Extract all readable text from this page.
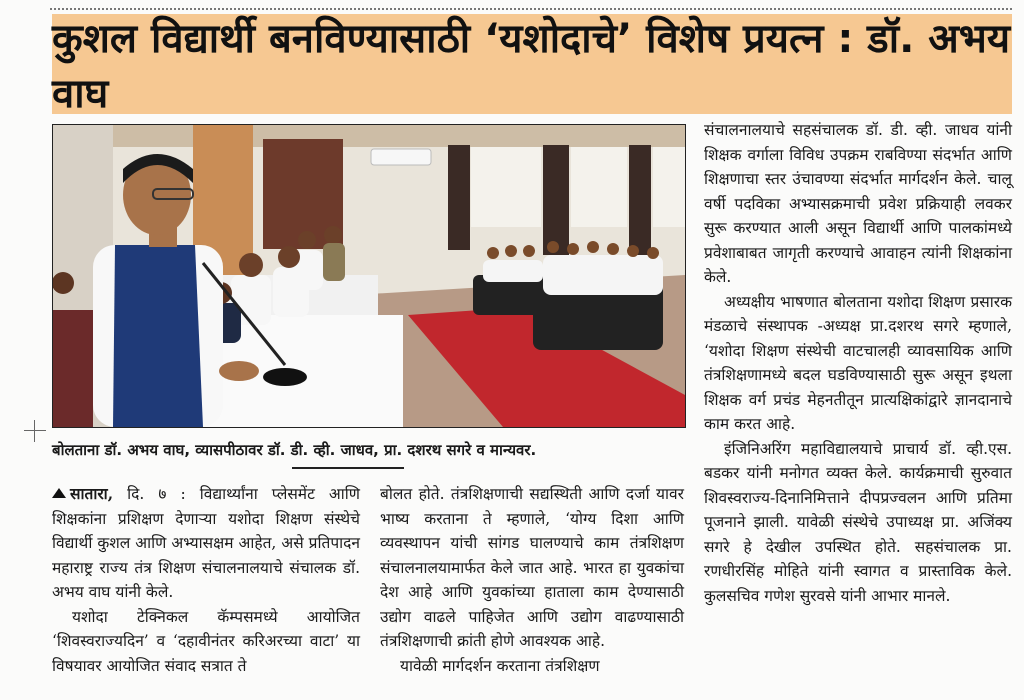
कुशल विद्यार्थी बनविण्यासाठी ‘यशोदाचे’ विशेष प्रयत्न : डॉ. अभय वाघ
बोलताना डॉ. अभय वाघ, व्यासपीठावर डॉ. डी. व्ही. जाधव, प्रा. दशरथ सगरे व मान्यवर.

सातारा, दि. ७ : विद्यार्थ्यांना प्लेसमेंट आणि शिक्षकांना प्रशिक्षण देणाऱ्या यशोदा शिक्षण संस्थेचे विद्यार्थी कुशल आणि अभ्यासक्षम आहेत, असे प्रतिपादन महाराष्ट्र राज्य तंत्र शिक्षण संचालनालयाचे संचालक डॉ. अभय वाघ यांनी केले.

यशोदा टेक्निकल कॅम्पसमध्ये आयोजित ‘शिवस्वराज्यदिन’ व ‘दहावीनंतर करिअरच्या वाटा’ या विषयावर आयोजित संवाद सत्रात ते

बोलत होते. तंत्रशिक्षणाची सद्यस्थिती आणि दर्जा यावर भाष्य करताना ते म्हणाले, ‘योग्य दिशा आणि व्यवस्थापन यांची सांगड घालण्याचे काम तंत्रशिक्षण संचालनालयामार्फत केले जात आहे. भारत हा युवकांचा देश आहे आणि युवकांच्या हाताला काम देण्यासाठी उद्योग वाढले पाहिजेत आणि उद्योग वाढण्यासाठी तंत्रशिक्षणाची क्रांती होणे आवश्यक आहे.

यावेळी मार्गदर्शन करताना तंत्रशिक्षण

संचालनालयाचे सहसंचालक डॉ. डी. व्ही. जाधव यांनी शिक्षक वर्गाला विविध उपक्रम राबविण्या संदर्भात आणि शिक्षणाचा स्तर उंचावण्या संदर्भात मार्गदर्शन केले. चालू वर्षी पदविका अभ्यासक्रमाची प्रवेश प्रक्रियाही लवकर सुरू करण्यात आली असून विद्यार्थी आणि पालकांमध्ये प्रवेशाबाबत जागृती करण्याचे आवाहन त्यांनी शिक्षकांना केले.

अध्यक्षीय भाषणात बोलताना यशोदा शिक्षण प्रसारक मंडळाचे संस्थापक -अध्यक्ष प्रा.दशरथ सगरे म्हणाले, ‘यशोदा शिक्षण संस्थेची वाटचालही व्यावसायिक आणि तंत्रशिक्षणामध्ये बदल घडविण्यासाठी सुरू असून इथला शिक्षक वर्ग प्रचंड मेहनतीतून प्रात्यक्षिकांद्वारे ज्ञानदानाचे काम करत आहे.

इंजिनिअरिंग महाविद्यालयाचे प्राचार्य डॉ. व्ही.एस. बडकर यांनी मनोगत व्यक्त केले. कार्यक्रमाची सुरुवात शिवस्वराज्य-दिनानिमित्ताने दीपप्रज्वलन आणि प्रतिमा पूजनाने झाली. यावेळी संस्थेचे उपाध्यक्ष प्रा. अजिंक्य सगरे हे देखील उपस्थित होते. सहसंचालक प्रा. रणधीरसिंह मोहिते यांनी स्वागत व प्रास्ताविक केले. कुलसचिव गणेश सुरवसे यांनी आभार मानले.
